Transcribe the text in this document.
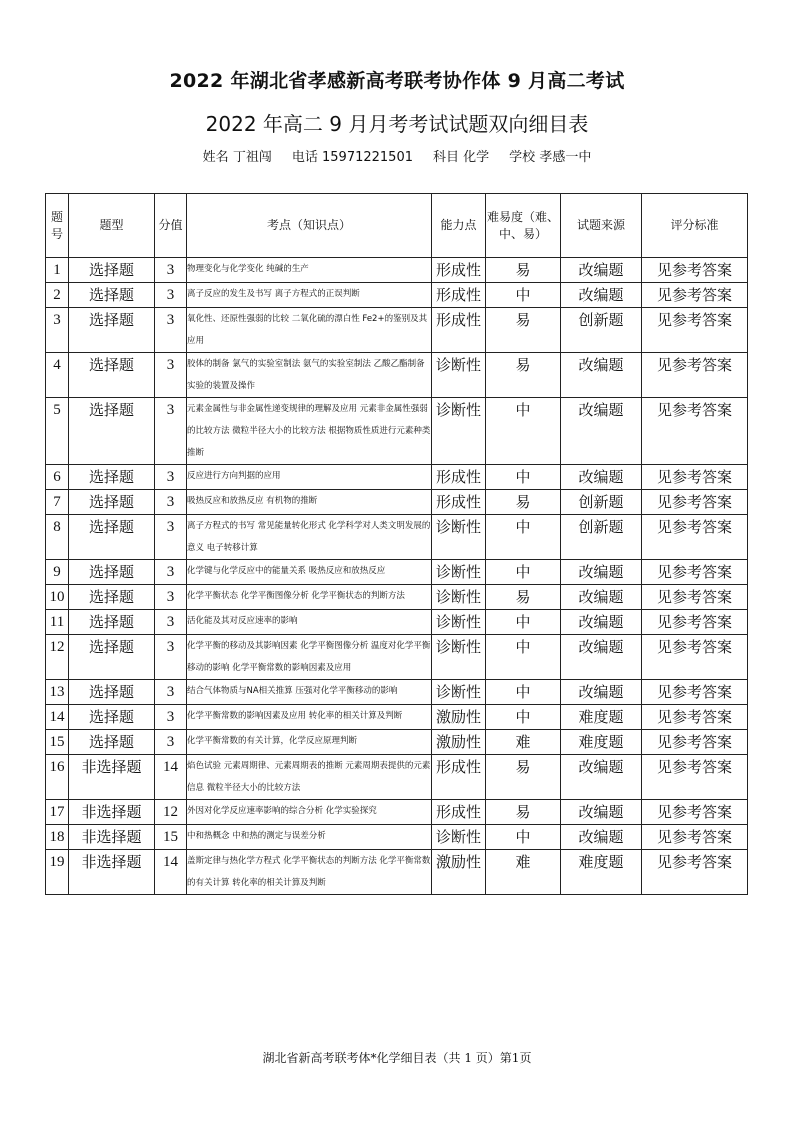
2022 年湖北省孝感新高考联考协作体 9 月高二考试
2022 年高二 9 月月考考试试题双向细目表
姓名 丁祖闯 电话 15971221501 科目 化学 学校 孝感一中
题号	题型	分值	考点（知识点）	能力点	难易度（难、中、易）	试题来源	评分标准
1	选择题	3	物理变化与化学变化 纯碱的生产	形成性	易	改编题	见参考答案
2	选择题	3	离子反应的发生及书写 离子方程式的正误判断	形成性	中	改编题	见参考答案
3	选择题	3	氧化性、还原性强弱的比较 二氧化硫的漂白性 Fe2+的鉴别及其应用	形成性	易	创新题	见参考答案
4	选择题	3	胶体的制备 氯气的实验室制法 氨气的实验室制法 乙酸乙酯制备实验的装置及操作	诊断性	易	改编题	见参考答案
5	选择题	3	元素金属性与非金属性递变规律的理解及应用 元素非金属性强弱的比较方法 微粒半径大小的比较方法 根据物质性质进行元素种类推断	诊断性	中	改编题	见参考答案
6	选择题	3	反应进行方向判据的应用	形成性	中	改编题	见参考答案
7	选择题	3	吸热反应和放热反应 有机物的推断	形成性	易	创新题	见参考答案
8	选择题	3	离子方程式的书写 常见能量转化形式 化学科学对人类文明发展的意义 电子转移计算	诊断性	中	创新题	见参考答案
9	选择题	3	化学键与化学反应中的能量关系 吸热反应和放热反应	诊断性	中	改编题	见参考答案
10	选择题	3	化学平衡状态 化学平衡图像分析 化学平衡状态的判断方法	诊断性	易	改编题	见参考答案
11	选择题	3	活化能及其对反应速率的影响	诊断性	中	改编题	见参考答案
12	选择题	3	化学平衡的移动及其影响因素 化学平衡图像分析 温度对化学平衡移动的影响 化学平衡常数的影响因素及应用	诊断性	中	改编题	见参考答案
13	选择题	3	结合气体物质与NA相关推算 压强对化学平衡移动的影响	诊断性	中	改编题	见参考答案
14	选择题	3	化学平衡常数的影响因素及应用 转化率的相关计算及判断	激励性	中	难度题	见参考答案
15	选择题	3	化学平衡常数的有关计算，化学反应原理判断	激励性	难	难度题	见参考答案
16	非选择题	14	焰色试验 元素周期律、元素周期表的推断 元素周期表提供的元素信息 微粒半径大小的比较方法	形成性	易	改编题	见参考答案
17	非选择题	12	外因对化学反应速率影响的综合分析 化学实验探究	形成性	易	改编题	见参考答案
18	非选择题	15	中和热概念 中和热的测定与误差分析	诊断性	中	改编题	见参考答案
19	非选择题	14	盖斯定律与热化学方程式 化学平衡状态的判断方法 化学平衡常数的有关计算 转化率的相关计算及判断	激励性	难	难度题	见参考答案
湖北省新高考联考体*化学细目表（共 1 页）第1页
